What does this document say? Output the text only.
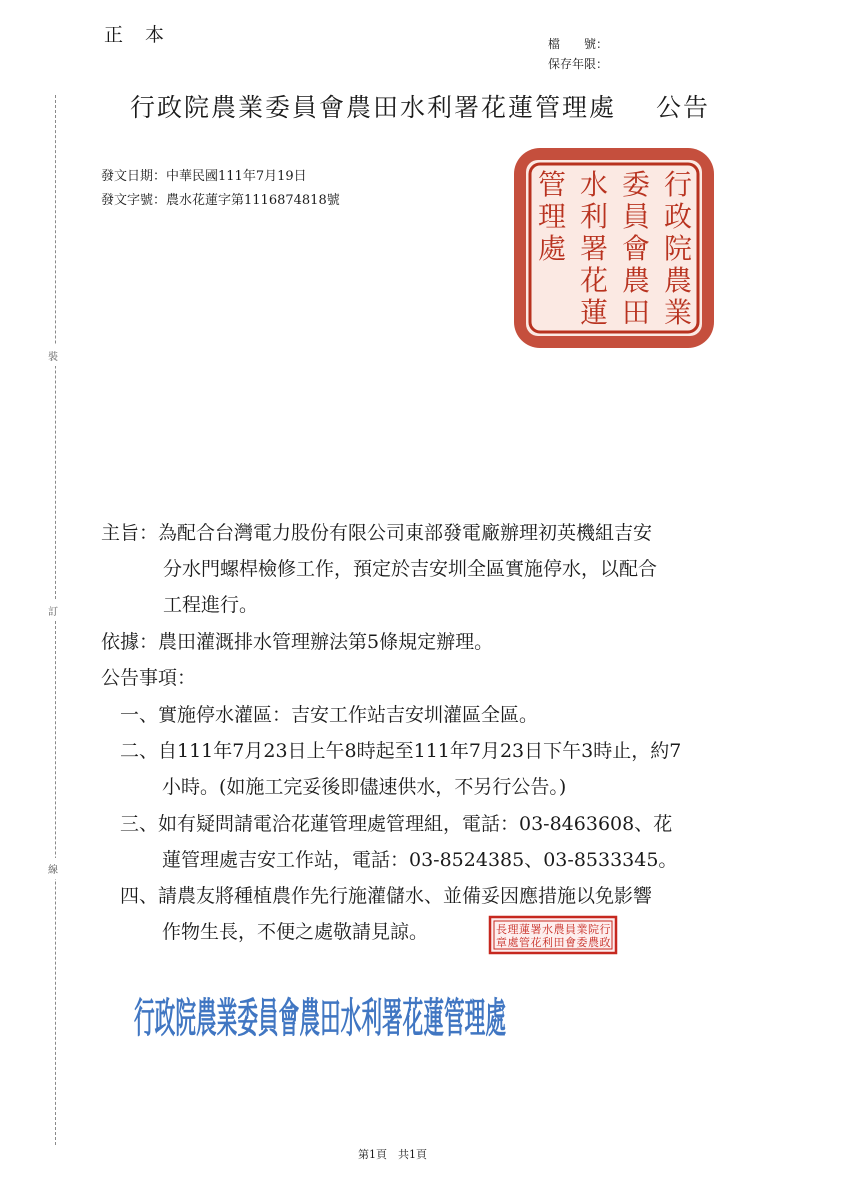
正本	檔　　號：
保存年限：
裝
訂
線
行政院農業委員會農田水利署花蓮管理處 公告
發文日期：中華民國111年7月19日
發文字號：農水花蓮字第1116874818號	行
政
院
農
業
委
員
會
農
田
水
利
署
花
蓮
管
理
處
主旨：為配合台灣電力股份有限公司東部發電廠辦理初英機組吉安
分水門螺桿檢修工作，預定於吉安圳全區實施停水，以配合
工程進行。
依據：農田灌溉排水管理辦法第5條規定辦理。
公告事項：
一、實施停水灌區：吉安工作站吉安圳灌區全區。
二、自111年7月23日上午8時起至111年7月23日下午3時止，約7
小時。(如施工完妥後即儘速供水，不另行公告。)
三、如有疑問請電洽花蓮管理處管理組，電話：03-8463608、花
蓮管理處吉安工作站，電話：03-8524385、03-8533345。
四、請農友將種植農作先行施灌儲水、並備妥因應措施以免影響
作物生長，不便之處敬請見諒。	行
政
院
農
業
委
員
會
農
田
水
利
署
花
蓮
管
理
處
長
章
行政院農業委員會農田水利署花蓮管理處
第1頁　共1頁
